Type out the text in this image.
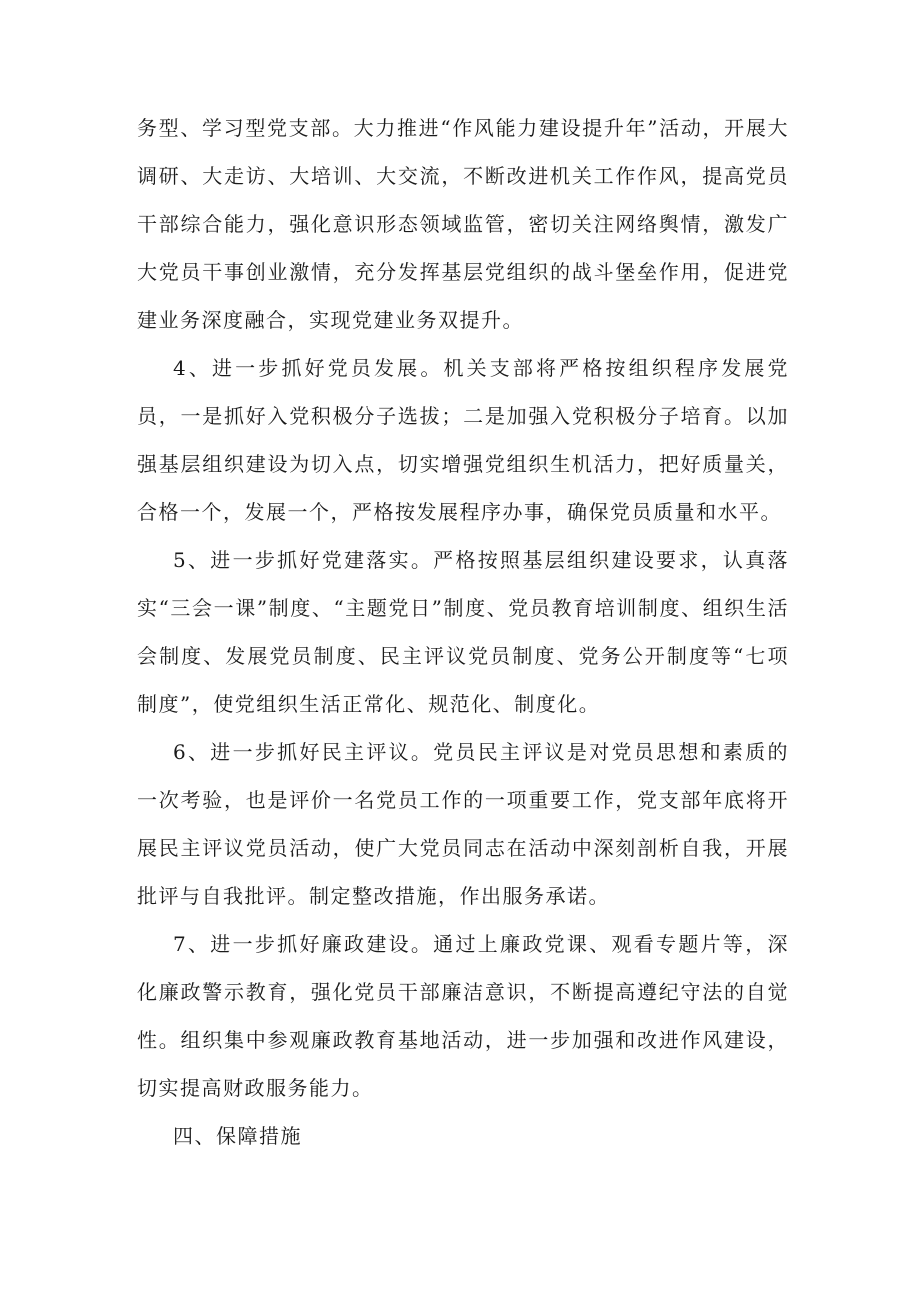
务型、学习型党支部。大力推进“作风能力建设提升年”活动，开展大调研、大走访、大培训、大交流，不断改进机关工作作风，提高党员干部综合能力，强化意识形态领域监管，密切关注网络舆情，激发广大党员干事创业激情，充分发挥基层党组织的战斗堡垒作用，促进党建业务深度融合，实现党建业务双提升。

4、进一步抓好党员发展。机关支部将严格按组织程序发展党员，一是抓好入党积极分子选拔；二是加强入党积极分子培育。以加强基层组织建设为切入点，切实增强党组织生机活力，把好质量关，合格一个，发展一个，严格按发展程序办事，确保党员质量和水平。

5、进一步抓好党建落实。严格按照基层组织建设要求，认真落实“三会一课”制度、“主题党日”制度、党员教育培训制度、组织生活会制度、发展党员制度、民主评议党员制度、党务公开制度等“七项制度”，使党组织生活正常化、规范化、制度化。

6、进一步抓好民主评议。党员民主评议是对党员思想和素质的一次考验，也是评价一名党员工作的一项重要工作，党支部年底将开展民主评议党员活动，使广大党员同志在活动中深刻剖析自我，开展批评与自我批评。制定整改措施，作出服务承诺。

7、进一步抓好廉政建设。通过上廉政党课、观看专题片等，深化廉政警示教育，强化党员干部廉洁意识，不断提高遵纪守法的自觉性。组织集中参观廉政教育基地活动，进一步加强和改进作风建设，切实提高财政服务能力。

四、保障措施
